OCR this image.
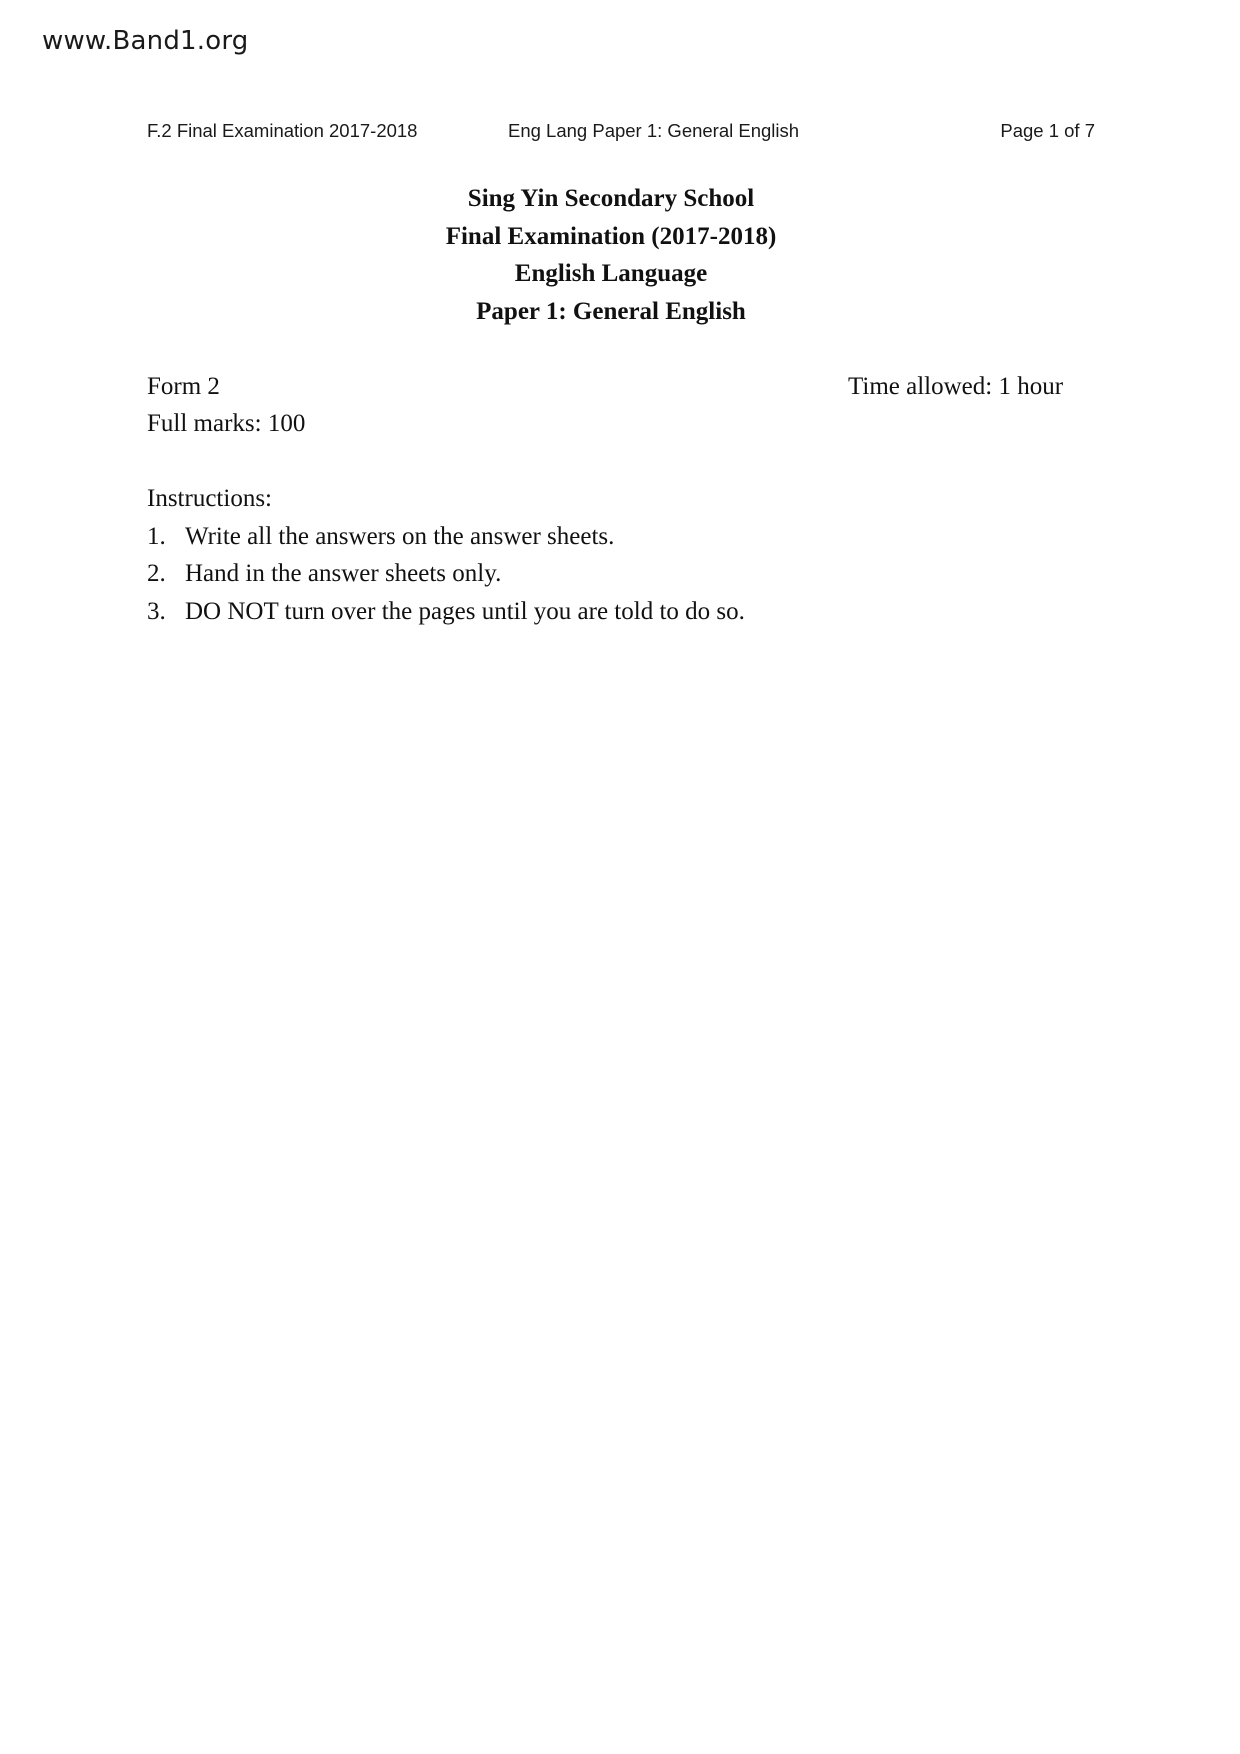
www.Band1.org
F.2 Final Examination 2017-2018	Eng Lang Paper 1: General English	Page 1 of 7
Sing Yin Secondary School
Final Examination (2017-2018)
English Language
Paper 1: General English
Form 2	Time allowed: 1 hour
Full marks: 100
Instructions:
1. Write all the answers on the answer sheets.
2. Hand in the answer sheets only.
3. DO NOT turn over the pages until you are told to do so.
